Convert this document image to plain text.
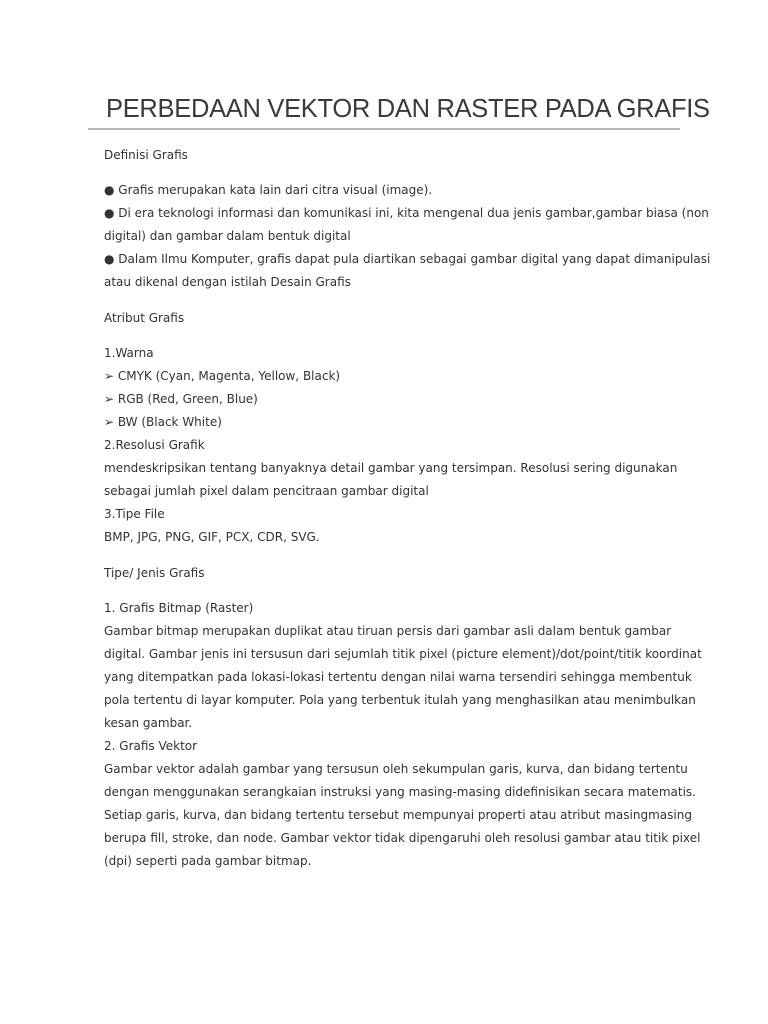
PERBEDAAN VEKTOR DAN RASTER PADA GRAFIS

Definisi Grafis

● Grafis merupakan kata lain dari citra visual (image).

● Di era teknologi informasi dan komunikasi ini, kita mengenal dua jenis gambar,gambar biasa (non

digital) dan gambar dalam bentuk digital

● Dalam Ilmu Komputer, grafis dapat pula diartikan sebagai gambar digital yang dapat dimanipulasi

atau dikenal dengan istilah Desain Grafis

Atribut Grafis

1.Warna

➢ CMYK (Cyan, Magenta, Yellow, Black)

➢ RGB (Red, Green, Blue)

➢ BW (Black White)

2.Resolusi Grafik

mendeskripsikan tentang banyaknya detail gambar yang tersimpan. Resolusi sering digunakan

sebagai jumlah pixel dalam pencitraan gambar digital

3.Tipe File

BMP, JPG, PNG, GIF, PCX, CDR, SVG.

Tipe/ Jenis Grafis

1. Grafis Bitmap (Raster)

Gambar bitmap merupakan duplikat atau tiruan persis dari gambar asli dalam bentuk gambar

digital. Gambar jenis ini tersusun dari sejumlah titik pixel (picture element)/dot/point/titik koordinat

yang ditempatkan pada lokasi-lokasi tertentu dengan nilai warna tersendiri sehingga membentuk

pola tertentu di layar komputer. Pola yang terbentuk itulah yang menghasilkan atau menimbulkan

kesan gambar.

2. Grafis Vektor

Gambar vektor adalah gambar yang tersusun oleh sekumpulan garis, kurva, dan bidang tertentu

dengan menggunakan serangkaian instruksi yang masing-masing didefinisikan secara matematis.

Setiap garis, kurva, dan bidang tertentu tersebut mempunyai properti atau atribut masingmasing

berupa fill, stroke, dan node. Gambar vektor tidak dipengaruhi oleh resolusi gambar atau titik pixel

(dpi) seperti pada gambar bitmap.
